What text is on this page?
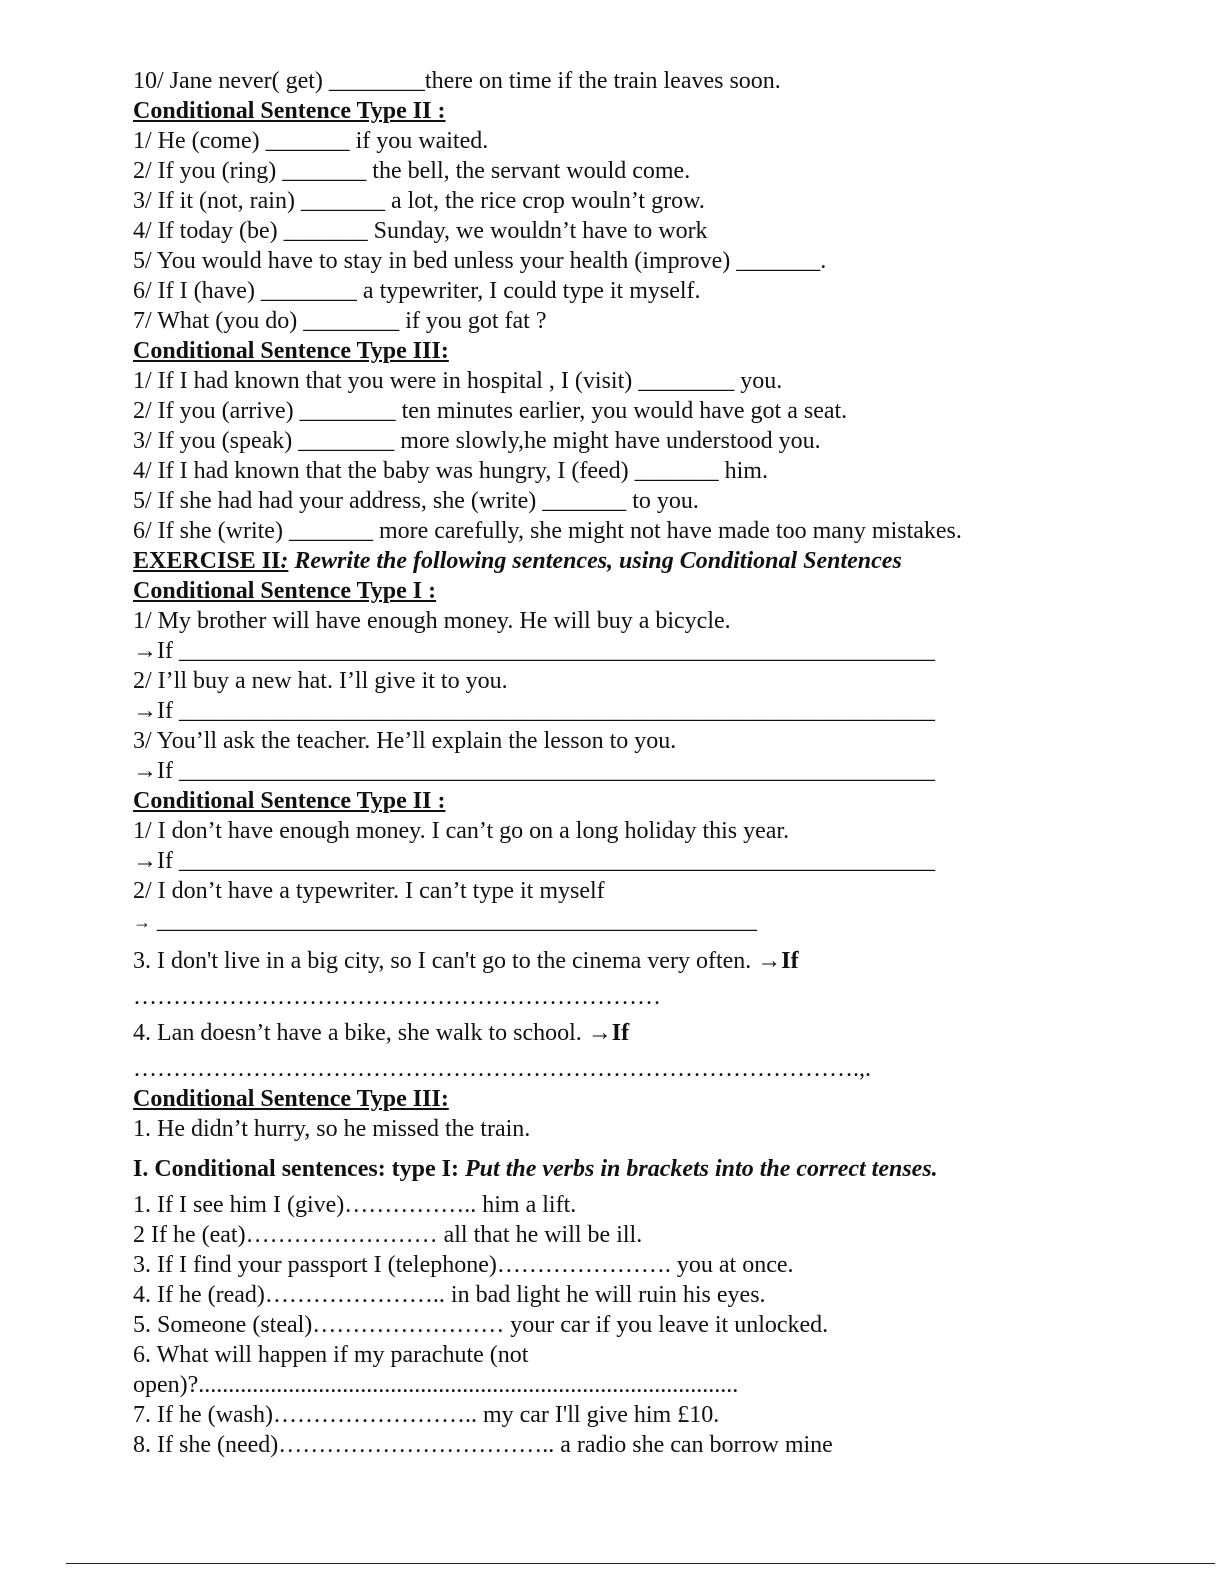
10/ Jane never( get) ________there on time if the train leaves soon.
Conditional Sentence Type II :
1/ He (come) _______ if you waited.
2/ If you (ring) _______ the bell, the servant would come.
3/ If it (not, rain) _______ a lot, the rice crop wouln’t grow.
4/ If today (be) _______ Sunday, we wouldn’t have to work
5/ You would have to stay in bed unless your health (improve) _______.
6/ If I (have) ________ a typewriter, I could type it myself.
7/ What (you do) ________ if you got fat ?
Conditional Sentence Type III:
1/ If I had known that you were in hospital , I (visit) ________ you.
2/ If you (arrive) ________ ten minutes earlier, you would have got a seat.
3/ If you (speak) ________ more slowly,he might have understood you.
4/ If I had known that the baby was hungry, I (feed) _______ him.
5/ If she had had your address, she (write) _______ to you.
6/ If she (write) _______ more carefully, she might not have made too many mistakes.
EXERCISE II: Rewrite the following sentences, using Conditional Sentences
Conditional Sentence Type I :
1/ My brother will have enough money. He will buy a bicycle.
→If _______________________________________________________________
2/ I’ll buy a new hat. I’ll give it to you.
→If _______________________________________________________________
3/ You’ll ask the teacher. He’ll explain the lesson to you.
→If _______________________________________________________________
Conditional Sentence Type II :
1/ I don’t have enough money. I can’t go on a long holiday this year.
→If _______________________________________________________________
2/ I don’t have a typewriter. I can’t type it myself
→ __________________________________________________
3. I don't live in a big city, so I can't go to the cinema very often. →If
…………………………………………………………
4. Lan doesn’t have a bike, she walk to school. →If
……………………………………………………………………………….,.
Conditional Sentence Type III:
1. He didn’t hurry, so he missed the train.
I. Conditional sentences: type I: Put the verbs in brackets into the correct tenses.
1. If I see him I (give)…………….. him a lift.
2 If he (eat)…………………… all that he will be ill.
3. If I find your passport I (telephone)…………………. you at once.
4. If he (read)………………….. in bad light he will ruin his eyes.
5. Someone (steal)…………………… your car if you leave it unlocked.
6. What will happen if my parachute (not
open)?..........................................................................................
7. If he (wash)…………………….. my car I'll give him £10.
8. If she (need)…………………………….. a radio she can borrow mine
